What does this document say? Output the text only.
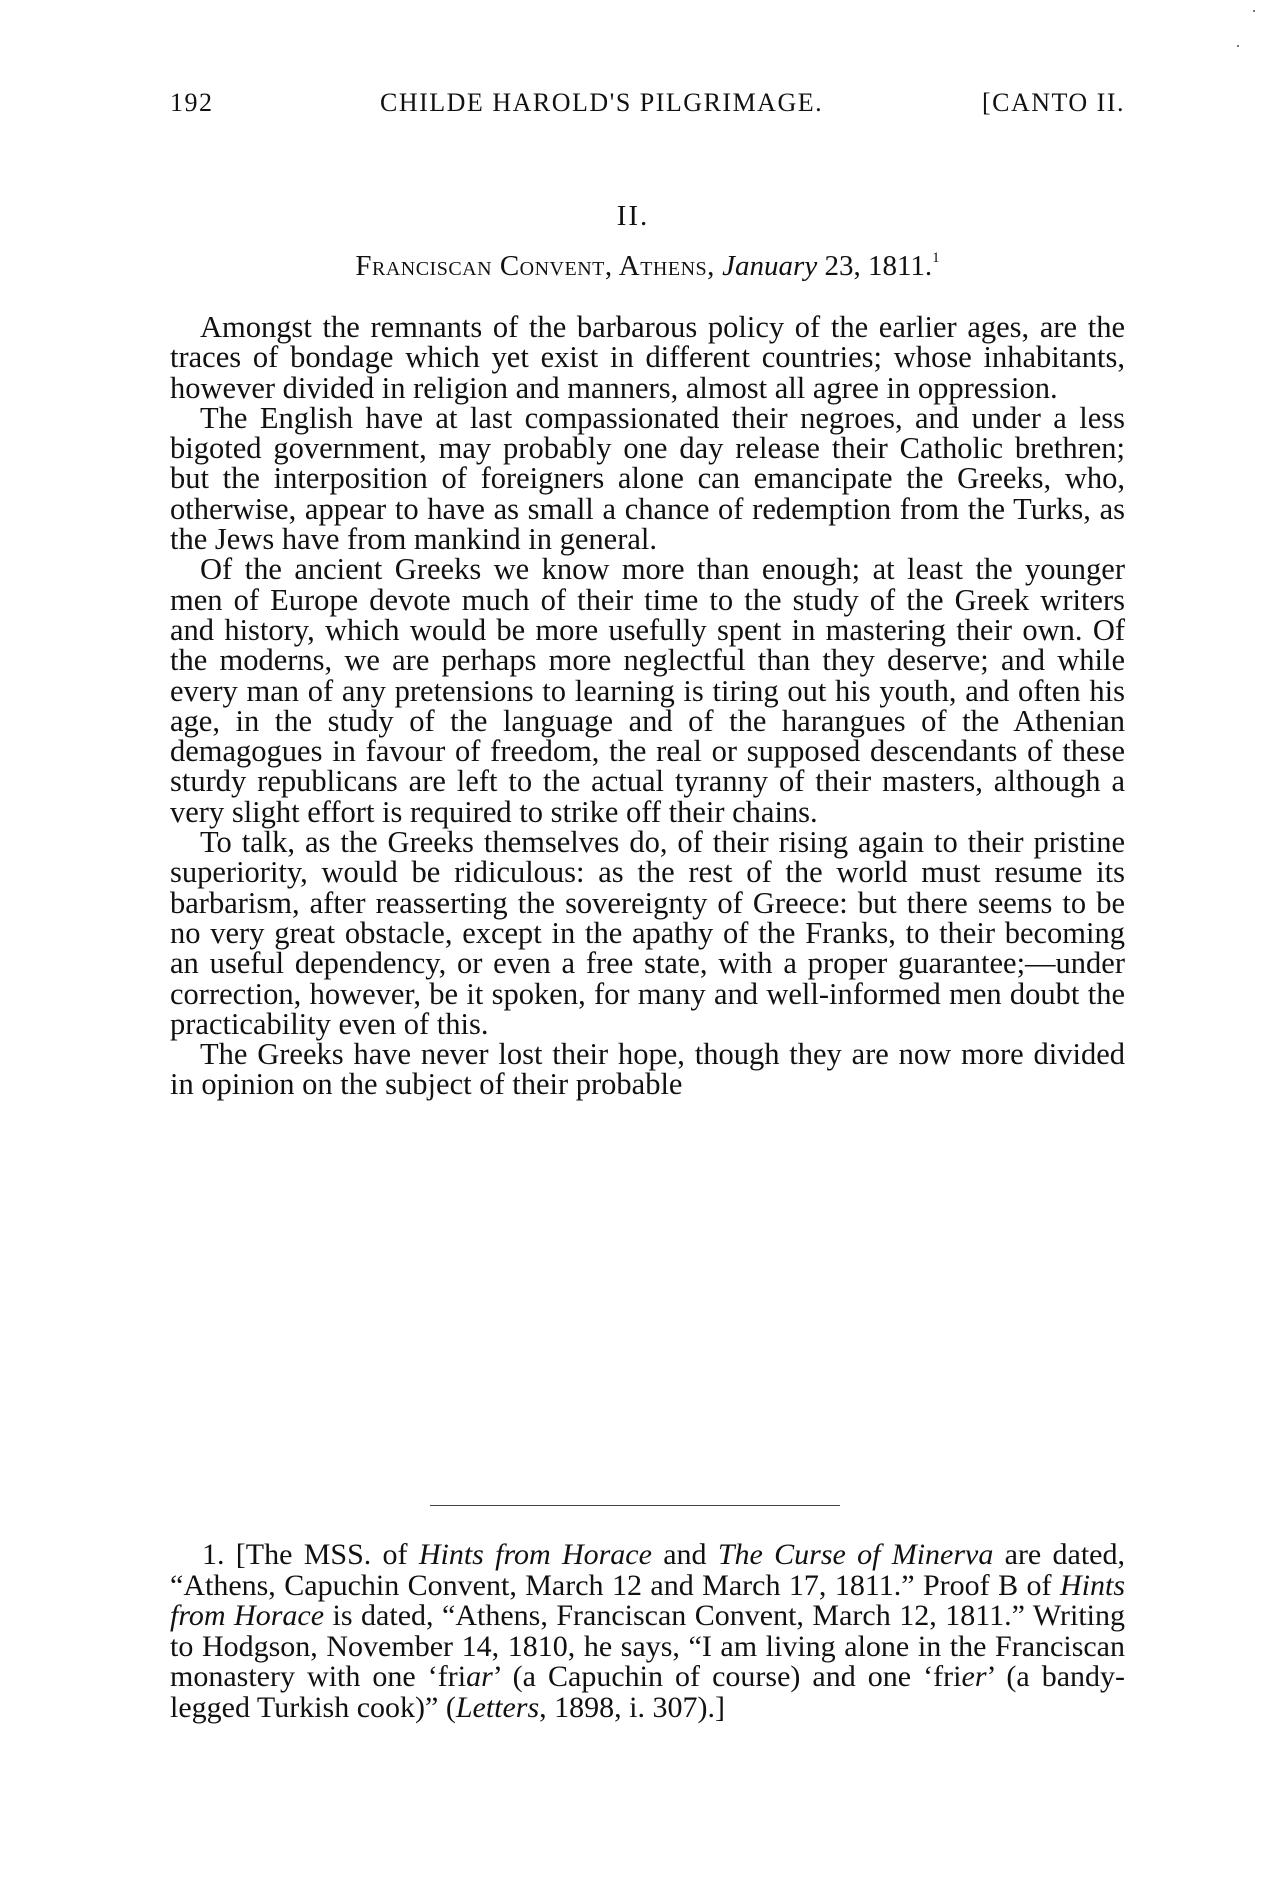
192	CHILDE HAROLD'S PILGRIMAGE.	[CANTO II.
II.
Franciscan Convent, Athens, January 23, 1811.$^1$

Amongst the remnants of the barbarous policy of the earlier ages, are the traces of bondage which yet exist in different countries; whose inhabitants, however divided in religion and manners, almost all agree in oppression.

The English have at last compassionated their negroes, and under a less bigoted government, may probably one day release their Catholic brethren; but the interposition of foreigners alone can emancipate the Greeks, who, otherwise, appear to have as small a chance of redemption from the Turks, as the Jews have from mankind in general.

Of the ancient Greeks we know more than enough; at least the younger men of Europe devote much of their time to the study of the Greek writers and history, which would be more usefully spent in mastering their own. Of the moderns, we are perhaps more neglectful than they deserve; and while every man of any pretensions to learning is tiring out his youth, and often his age, in the study of the language and of the harangues of the Athenian demagogues in favour of freedom, the real or supposed descendants of these sturdy republicans are left to the actual tyranny of their masters, although a very slight effort is required to strike off their chains.

To talk, as the Greeks themselves do, of their rising again to their pristine superiority, would be ridiculous: as the rest of the world must resume its barbarism, after reasserting the sovereignty of Greece: but there seems to be no very great obstacle, except in the apathy of the Franks, to their becoming an useful dependency, or even a free state, with a proper guarantee;—under correction, however, be it spoken, for many and well-informed men doubt the practicability even of this.

The Greeks have never lost their hope, though they are now more divided in opinion on the subject of their probable

1. [The MSS. of Hints from Horace and The Curse of Minerva are dated, “Athens, Capuchin Convent, March 12 and March 17, 1811.” Proof B of Hints from Horace is dated, “Athens, Franciscan Convent, March 12, 1811.” Writing to Hodgson, November 14, 1810, he says, “I am living alone in the Franciscan monastery with one ‘friar’ (a Capuchin of course) and one ‘frier’ (a bandy-legged Turkish cook)” (Letters, 1898, i. 307).]
